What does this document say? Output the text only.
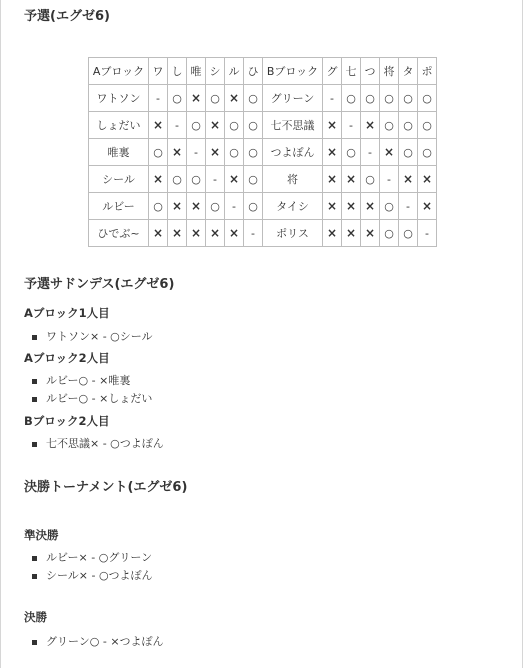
予選(エグゼ6)
Aブロック	ワ	し	唯	シ	ル	ひ	Bブロック	グ	七	つ	将	タ	ポ
ワトソン	-	○	×	○	×	○	グリーン	-	○	○	○	○	○
しょだい	×	-	○	×	○	○	七不思議	×	-	×	○	○	○
唯裏	○	×	-	×	○	○	つよぽん	×	○	-	×	○	○
シール	×	○	○	-	×	○	将	×	×	○	-	×	×
ルビー	○	×	×	○	-	○	タイシ	×	×	×	○	-	×
ひでぶ~	×	×	×	×	×	-	ポリス	×	×	×	○	○	-
予選サドンデス(エグゼ6)
Aブロック1人目
ワトソン× - ○シール
Aブロック2人目
ルビー○ - ×唯裏
ルビー○ - ×しょだい
Bブロック2人目
七不思議× - ○つよぽん
決勝トーナメント(エグゼ6)
準決勝
ルビー× - ○グリーン
シール× - ○つよぽん
決勝
グリーン○ - ×つよぽん
